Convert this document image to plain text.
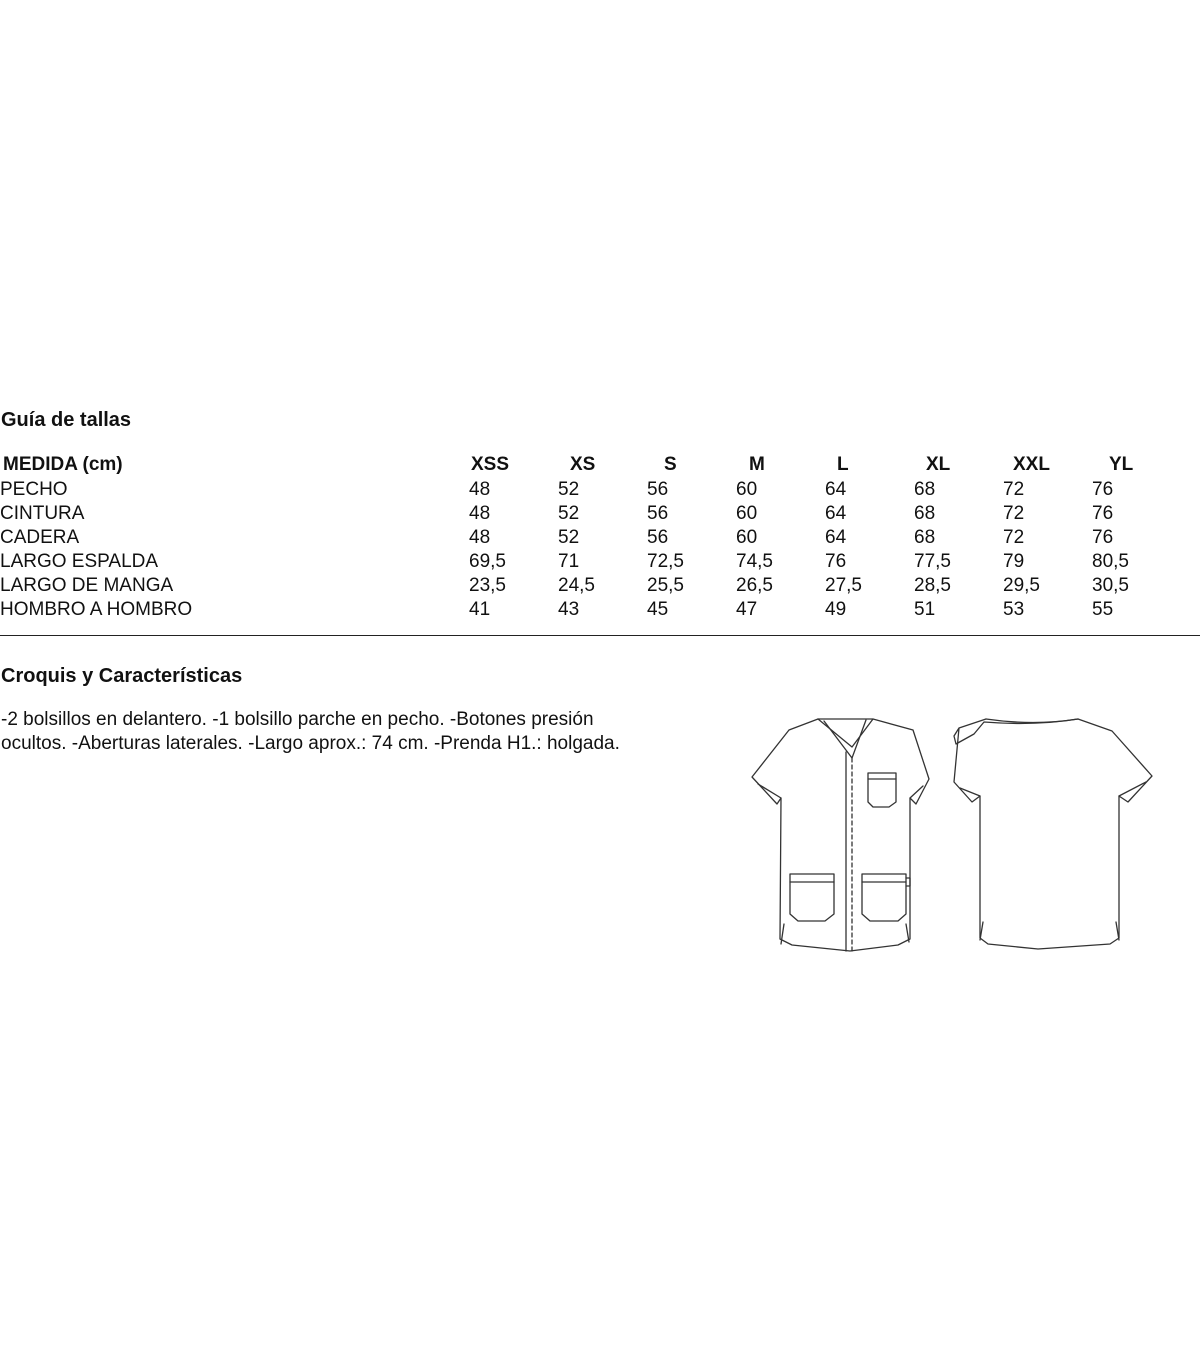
Guía de tallas
MEDIDA (cm)	XSS	XS	S	M	L	XL	XXL	YL
PECHO	48	52	56	60	64	68	72	76
CINTURA	48	52	56	60	64	68	72	76
CADERA	48	52	56	60	64	68	72	76
LARGO ESPALDA	69,5	71	72,5	74,5	76	77,5	79	80,5
LARGO DE MANGA	23,5	24,5	25,5	26,5	27,5	28,5	29,5	30,5
HOMBRO A HOMBRO	41	43	45	47	49	51	53	55
Croquis y Características

-2 bolsillos en delantero. -1 bolsillo parche en pecho. -Botones presión ocultos. -Aberturas laterales. -Largo aprox.: 74 cm. -Prenda H1.: holgada.
